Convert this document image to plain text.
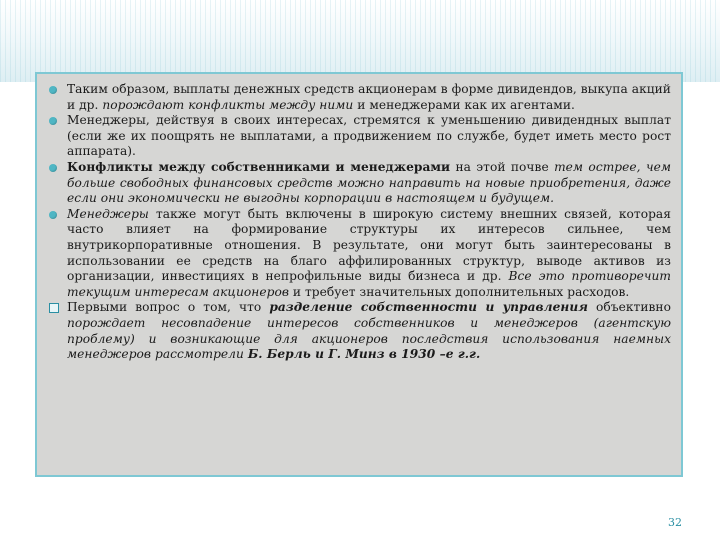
Таким образом, выплаты денежных средств акционерам в форме дивидендов, выкупа акций и др. порождают конфликты между ними и менеджерами как их агентами.
Менеджеры, действуя в своих интересах, стремятся к уменьшению дивидендных выплат (если же их поощрять не выплатами, а продвижением по службе, будет иметь место рост аппарата).
Конфликты между собственниками и менеджерами на этой почве тем острее, чем больше свободных финансовых средств можно направить на новые приобретения, даже если они экономически не выгодны корпорации в настоящем и будущем.
Менеджеры также могут быть включены в широкую систему внешних связей, которая часто влияет на формирование структуры их интересов сильнее, чем внутрикорпоративные отношения. В результате, они могут быть заинтересованы в использовании ее средств на благо аффилированных структур, выводе активов из организации, инвестициях в непрофильные виды бизнеса и др. Все это противоречит текущим интересам акционеров и требует значительных дополнительных расходов.
Первыми вопрос о том, что разделение собственности и управления объективно порождает несовпадение интересов собственников и менеджеров (агентскую проблему) и возникающие для акционеров последствия использования наемных менеджеров рассмотрели Б. Берль и Г. Минз в 1930 –е г.г.
32
